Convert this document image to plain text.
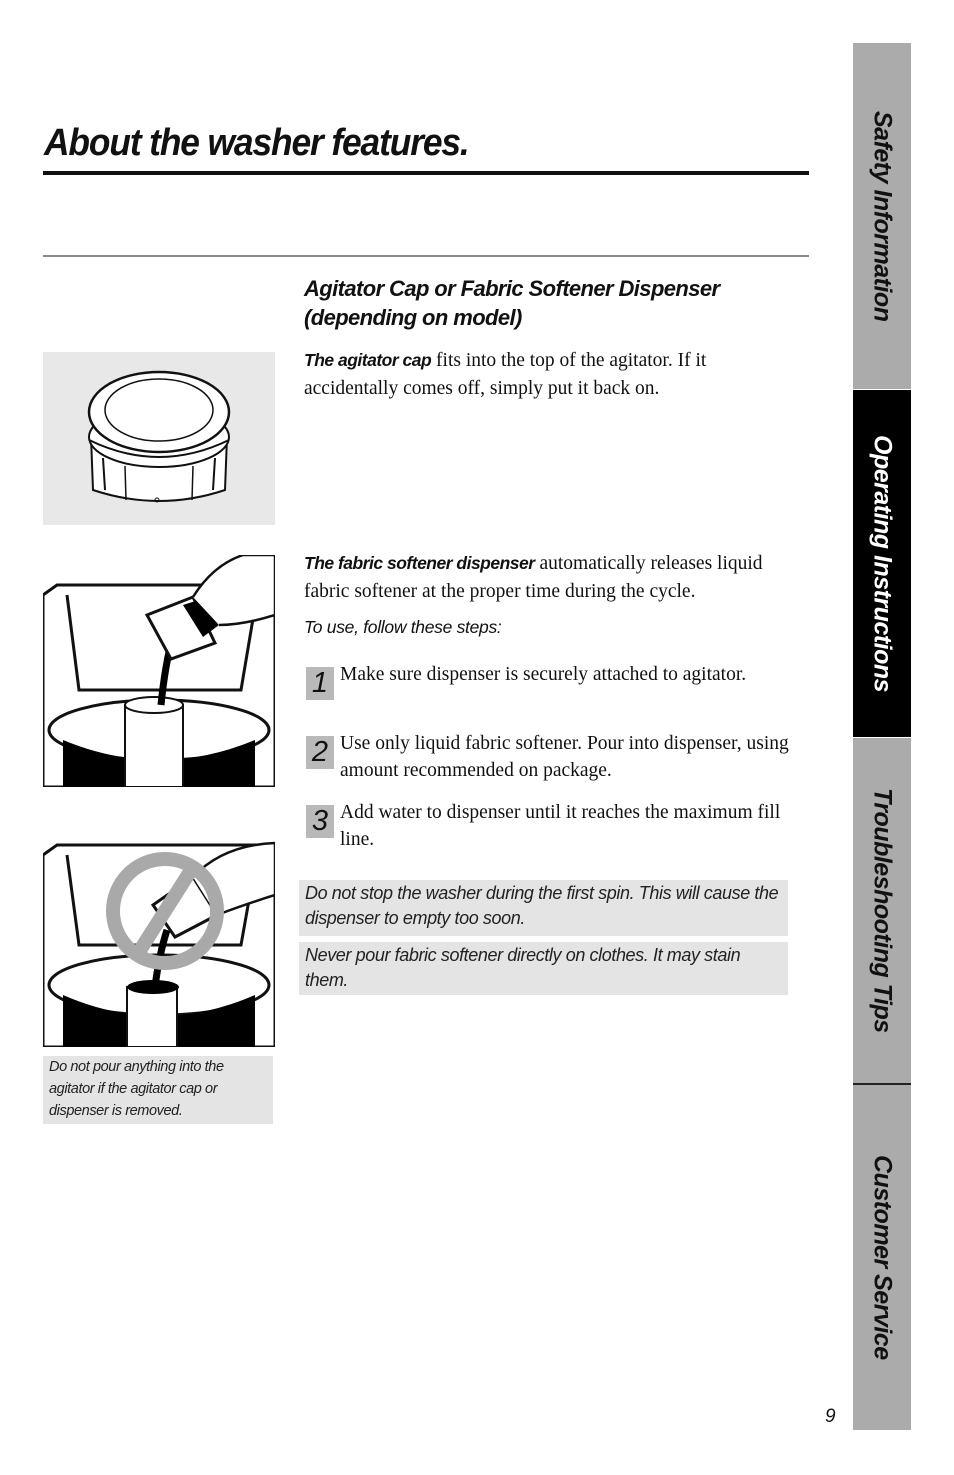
About the washer features.
Agitator Cap or Fabric Softener Dispenser
(depending on model)

Do not pour anything into the agitator if the agitator cap or dispenser is removed.

The agitator cap fits into the top of the agitator. If it accidentally comes off, simply put it back on.

The fabric softener dispenser automatically releases liquid fabric softener at the proper time during the cycle.

To use, follow these steps:

1 Make sure dispenser is securely attached to agitator.

2 Use only liquid fabric softener. Pour into dispenser, using amount recommended on package.

3 Add water to dispenser until it reaches the maximum fill line.

Do not stop the washer during the first spin. This will cause the dispenser to empty too soon.

Never pour fabric softener directly on clothes. It may stain them.

Safety Information
Operating Instructions
Troubleshooting Tips
Customer Service
9
